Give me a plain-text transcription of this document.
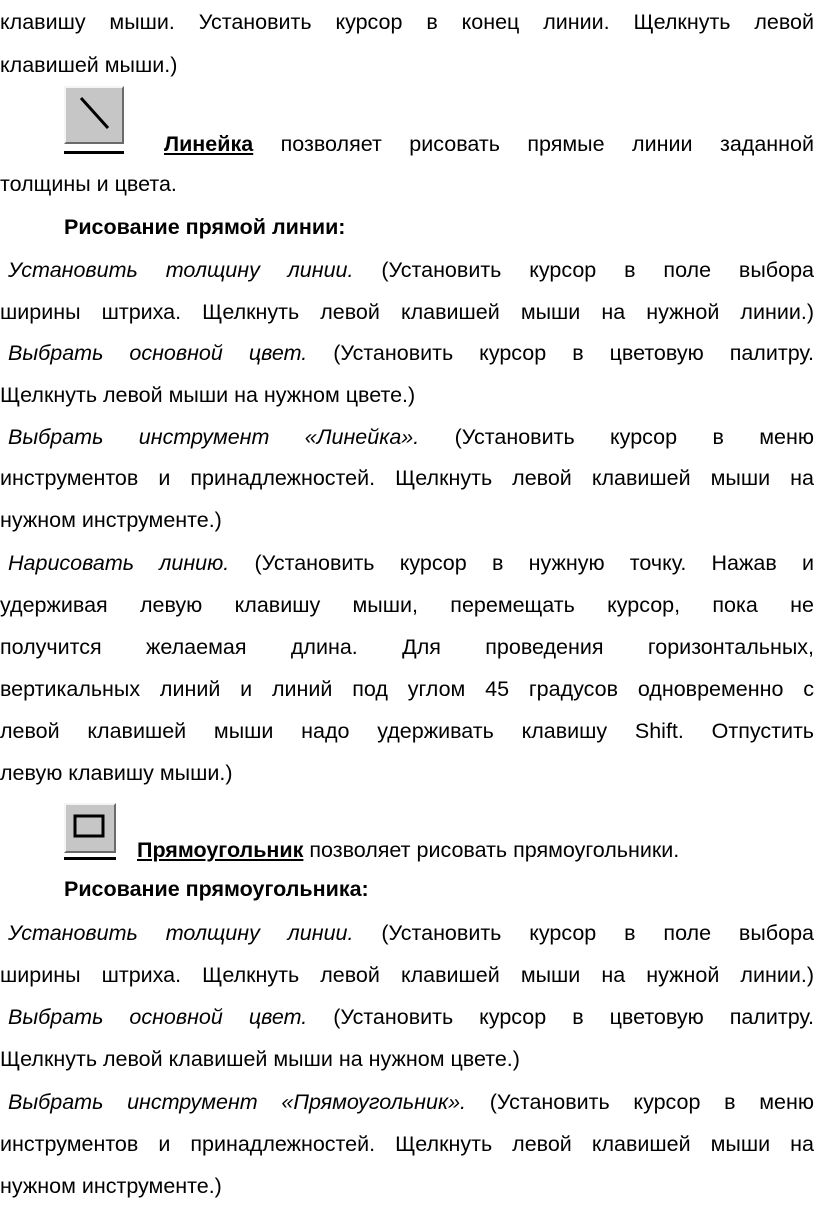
клавишу мыши. Установить курсор в конец линии. Щелкнуть левой
клавишей мыши.)
Линейка позволяет рисовать прямые линии заданной
толщины и цвета.
Рисование прямой линии:
Установить толщину линии. (Установить курсор в поле выбора
ширины штриха. Щелкнуть левой клавишей мыши на нужной линии.)
Выбрать основной цвет. (Установить курсор в цветовую палитру.
Щелкнуть левой мыши на нужном цвете.)
Выбрать инструмент «Линейка». (Установить курсор в меню
инструментов и принадлежностей. Щелкнуть левой клавишей мыши на
нужном инструменте.)
Нарисовать линию. (Установить курсор в нужную точку. Нажав и
удерживая левую клавишу мыши, перемещать курсор, пока не
получится желаемая длина. Для проведения горизонтальных,
вертикальных линий и линий под углом 45 градусов одновременно с
левой клавишей мыши надо удерживать клавишу Shift. Отпустить
левую клавишу мыши.)
Прямоугольник позволяет рисовать прямоугольники.
Рисование прямоугольника:
Установить толщину линии. (Установить курсор в поле выбора
ширины штриха. Щелкнуть левой клавишей мыши на нужной линии.)
Выбрать основной цвет. (Установить курсор в цветовую палитру.
Щелкнуть левой клавишей мыши на нужном цвете.)
Выбрать инструмент «Прямоугольник». (Установить курсор в меню
инструментов и принадлежностей. Щелкнуть левой клавишей мыши на
нужном инструменте.)
